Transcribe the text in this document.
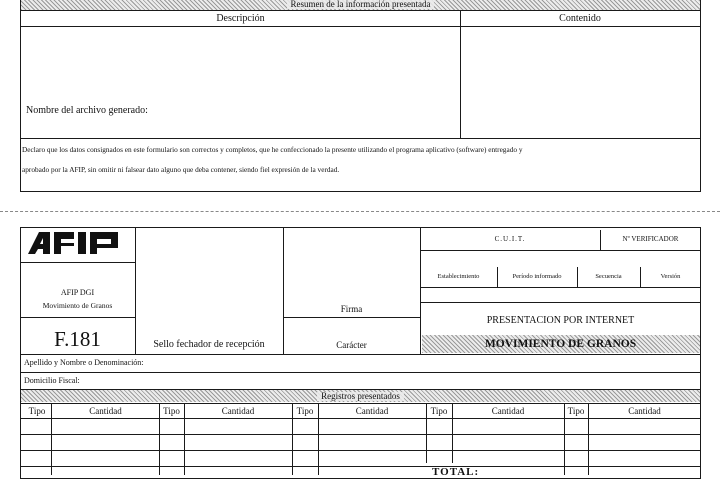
Resumen de la información presentada
Descripción	Contenido
Nombre del archivo generado:
Declaro que los datos consignados en este formulario son correctos y completos, que he confeccionado la presente utilizando el programa aplicativo (software) entregado y
aprobado por la AFIP, sin omitir ni falsear dato alguno que deba contener, siendo fiel expresión de la verdad.
AFIP DGI
Movimiento de Granos
F.181	Sello fechador de recepción
Firma
Carácter
C.U.I.T.	Nº VERIFICADOR
Establecimiento	Período informado	Secuencia	Versión
PRESENTACION POR INTERNET
MOVIMIENTO DE GRANOS
Apellido y Nombre o Denominación:
Domicilio Fiscal:
Registros presentados
Tipo	Cantidad	Tipo	Cantidad	Tipo	Cantidad	Tipo	Cantidad	Tipo	Cantidad
TOTAL:
